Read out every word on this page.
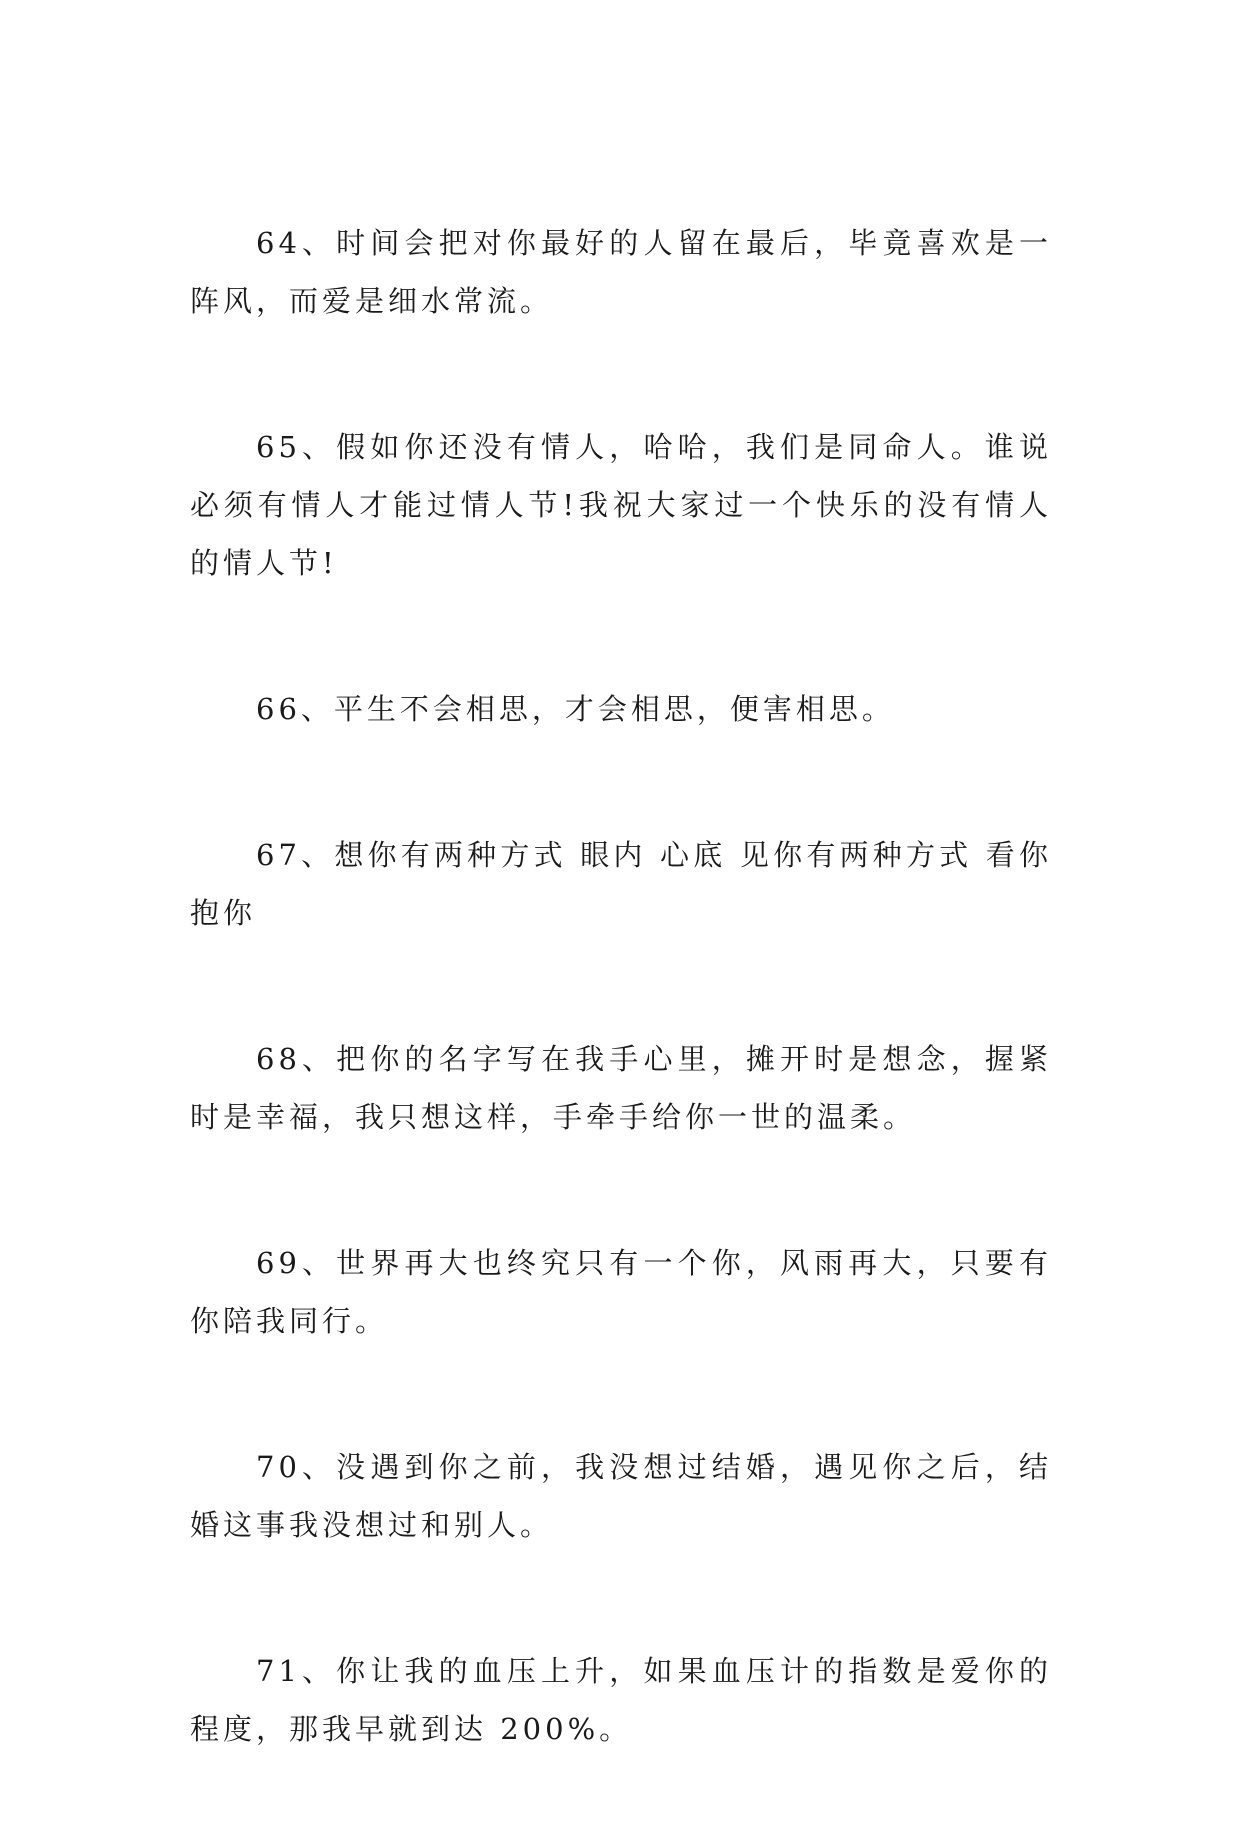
64、时间会把对你最好的人留在最后，毕竟喜欢是一阵风，而爱是细水常流。

65、假如你还没有情人，哈哈，我们是同命人。谁说必须有情人才能过情人节!我祝大家过一个快乐的没有情人的情人节!

66、平生不会相思，才会相思，便害相思。

67、想你有两种方式 眼内 心底 见你有两种方式 看你抱你

68、把你的名字写在我手心里，摊开时是想念，握紧时是幸福，我只想这样，手牵手给你一世的温柔。

69、世界再大也终究只有一个你，风雨再大，只要有你陪我同行。

70、没遇到你之前，我没想过结婚，遇见你之后，结婚这事我没想过和别人。

71、你让我的血压上升，如果血压计的指数是爱你的程度，那我早就到达 200%。
